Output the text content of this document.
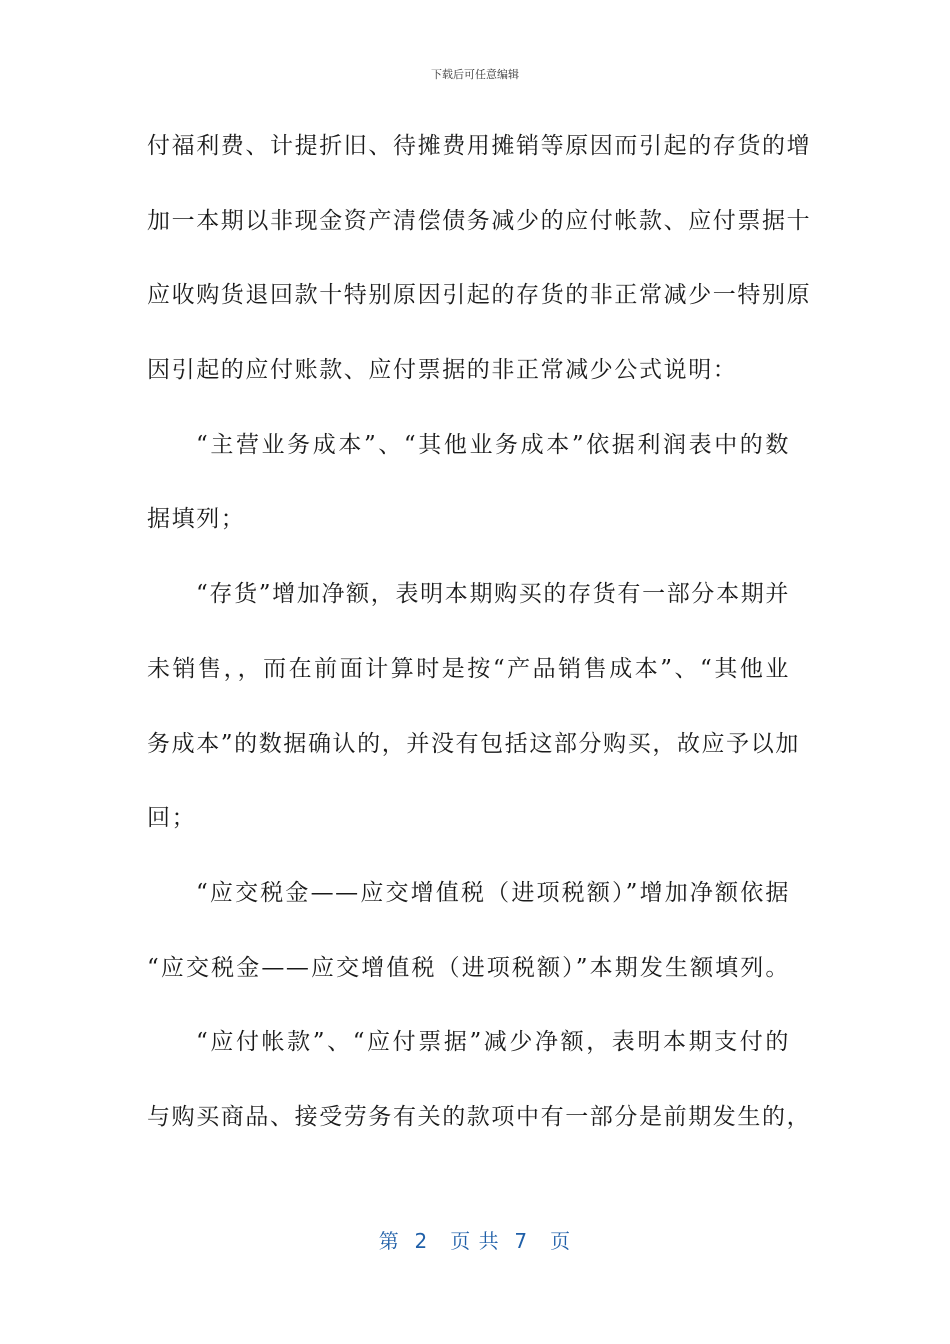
下载后可任意编辑
付福利费、计提折旧、待摊费用摊销等原因而引起的存货的增
加一本期以非现金资产清偿债务减少的应付帐款、应付票据十
应收购货退回款十特别原因引起的存货的非正常减少一特别原
因引起的应付账款、应付票据的非正常减少公式说明：
“主营业务成本”、“其他业务成本”依据利润表中的数
据填列；
“存货”增加净额，表明本期购买的存货有一部分本期并
未销售，，而在前面计算时是按“产品销售成本”、“其他业
务成本”的数据确认的，并没有包括这部分购买，故应予以加
回；
“应交税金——应交增值税（进项税额）”增加净额依据
“应交税金——应交增值税（进项税额）”本期发生额填列。
“应付帐款”、“应付票据”减少净额，表明本期支付的
与购买商品、接受劳务有关的款项中有一部分是前期发生的，
第  2   页 共  7   页
